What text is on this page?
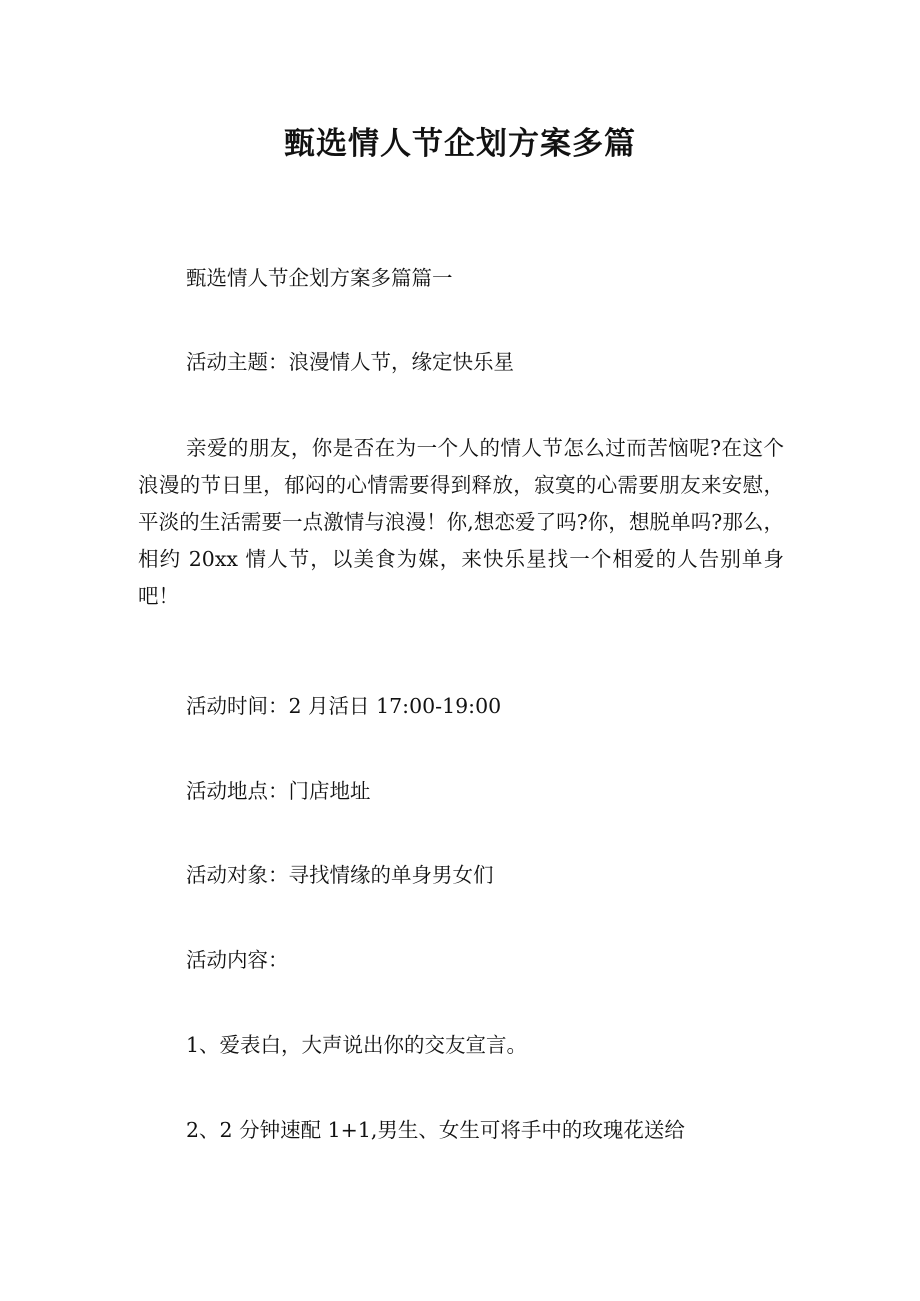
甄选情人节企划方案多篇

甄选情人节企划方案多篇篇一

活动主题：浪漫情人节，缘定快乐星

亲爱的朋友，你是否在为一个人的情人节怎么过而苦恼呢?在这个浪漫的节日里，郁闷的心情需要得到释放，寂寞的心需要朋友来安慰，平淡的生活需要一点激情与浪漫！你,想恋爱了吗?你，想脱单吗?那么，相约 20xx 情人节，以美食为媒，来快乐星找一个相爱的人告别单身吧！

活动时间：2 月活日 17:00-19:00

活动地点：门店地址

活动对象：寻找情缘的单身男女们

活动内容：

1、爱表白，大声说出你的交友宣言。

2、2 分钟速配 1+1,男生、女生可将手中的玫瑰花送给
